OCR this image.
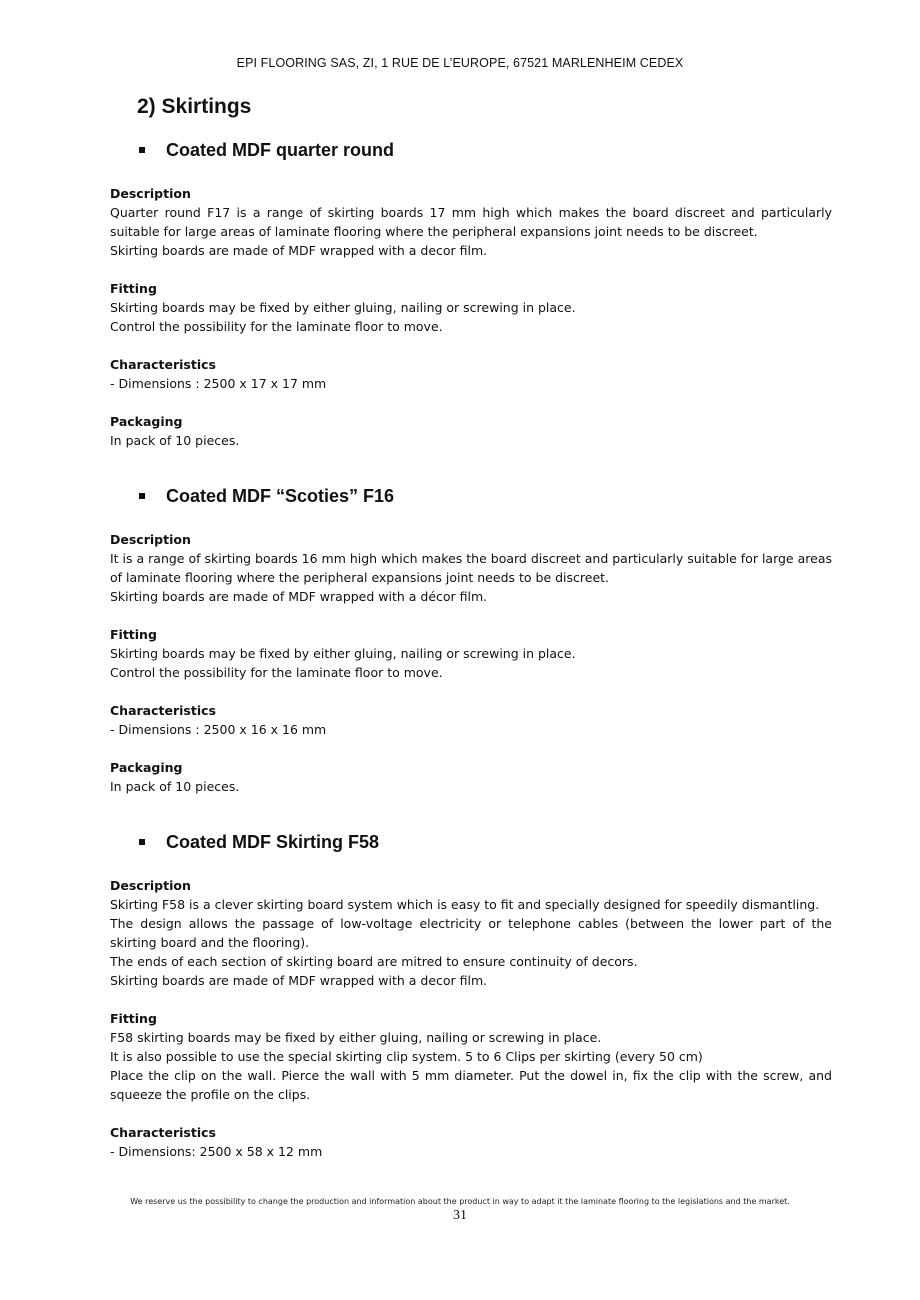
EPI FLOORING SAS, ZI, 1 RUE DE L’EUROPE, 67521 MARLENHEIM CEDEX
2) Skirtings
Coated MDF quarter round

Description

Quarter round F17 is a range of skirting boards 17 mm high which makes the board discreet and particularly suitable for large areas of laminate flooring where the peripheral expansions joint needs to be discreet.

Skirting boards are made of MDF wrapped with a decor film.

Fitting

Skirting boards may be fixed by either gluing, nailing or screwing in place.

Control the possibility for the laminate floor to move.

Characteristics

- Dimensions : 2500 x 17 x 17 mm

Packaging

In pack of 10 pieces.

Coated MDF “Scoties” F16

Description

It is a range of skirting boards 16 mm high which makes the board discreet and particularly suitable for large areas of laminate flooring where the peripheral expansions joint needs to be discreet.

Skirting boards are made of MDF wrapped with a décor film.

Fitting

Skirting boards may be fixed by either gluing, nailing or screwing in place.

Control the possibility for the laminate floor to move.

Characteristics

- Dimensions : 2500 x 16 x 16 mm

Packaging

In pack of 10 pieces.

Coated MDF Skirting F58

Description

Skirting F58 is a clever skirting board system which is easy to fit and specially designed for speedily dismantling.

The design allows the passage of low-voltage electricity or telephone cables (between the lower part of the skirting board and the flooring).

The ends of each section of skirting board are mitred to ensure continuity of decors.

Skirting boards are made of MDF wrapped with a decor film.

Fitting

F58 skirting boards may be fixed by either gluing, nailing or screwing in place.

It is also possible to use the special skirting clip system. 5 to 6 Clips per skirting (every 50 cm)

Place the clip on the wall. Pierce the wall with 5 mm diameter. Put the dowel in, fix the clip with the screw, and squeeze the profile on the clips.

Characteristics

- Dimensions: 2500 x 58 x 12 mm

We reserve us the possibility to change the production and information about the product in way to adapt it the laminate flooring to the legislations and the market.
31
